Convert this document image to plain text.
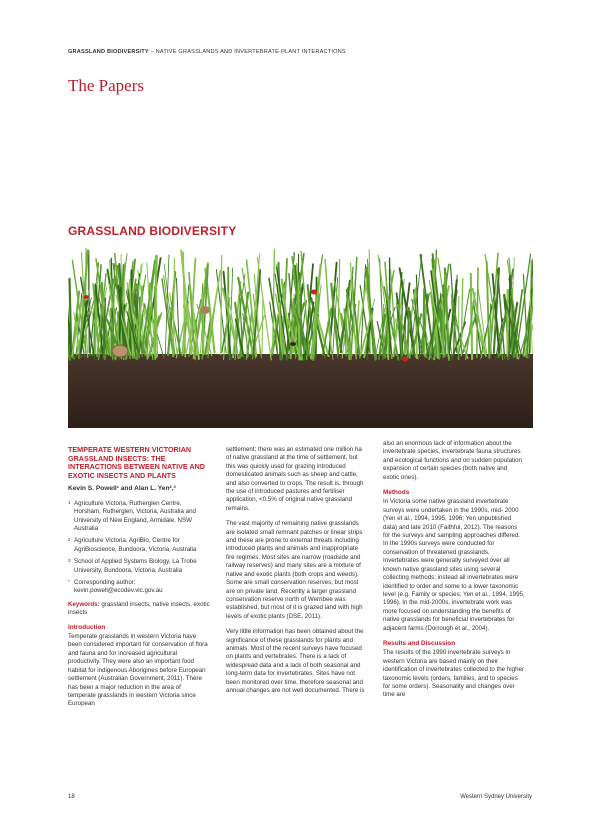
GRASSLAND BIODIVERSITY – NATIVE GRASSLANDS AND INVERTEBRATE-PLANT INTERACTIONS
The Papers
GRASSLAND BIODIVERSITY
TEMPERATE WESTERN VICTORIAN GRASSLAND INSECTS: THE INTERACTIONS BETWEEN NATIVE AND EXOTIC INSECTS AND PLANTS
Kevin S. Powell¹ and Alan L. Yen²,³
1 Agriculture Victoria, Rutherglen Centre, Horsham, Rutherglen, Victoria, Australia and University of New England, Armidale, NSW Australia
2 Agriculture Victoria, AgriBio, Centre for AgriBioscience, Bundoora, Victoria, Australia
3 School of Applied Systems Biology, La Trobe University, Bundoora, Victoria, Australia
* Corresponding author:
kevin.powell@ecodev.vic.gov.au
Keywords: grassland insects, native insects, exotic insects
Introduction
Temperate grasslands in western Victoria have been considered important for conservation of flora and fauna and for increased agricultural productivity. They were also an important food habitat for indigenous Aborigines before European settlement (Australian Government, 2011). There has been a major reduction in the area of temperate grasslands in western Victoria since European
settlement; there was an estimated one million ha of native grassland at the time of settlement, but this was quickly used for grazing introduced domesticated animals such as sheep and cattle, and also converted to crops. The result is, through the use of introduced pastures and fertiliser application, <0.5% of original native grassland remains.
The vast majority of remaining native grasslands are isolated small remnant patches or linear strips and these are prone to external threats including introduced plants and animals and inappropriate fire regimes. Most sites are narrow (roadside and railway reserves) and many sites are a mixture of native and exotic plants (both crops and weeds). Some are small conservation reserves, but most are on private land. Recently a larger grassland conservation reserve north of Werribee was established, but most of it is grazed land with high levels of exotic plants (DSE, 2011).
Very little information has been obtained about the significance of these grasslands for plants and animals. Most of the recent surveys have focused on plants and vertebrates. There is a lack of widespread data and a lack of both seasonal and long-term data for invertebrates. Sites have not been monitored over time, therefore seasonal and annual changes are not well documented. There is
also an enormous lack of information about the invertebrate species, invertebrate fauna structures and ecological functions and on sudden population expansion of certain species (both native and exotic ones).
Methods
In Victoria some native grassland invertebrate surveys were undertaken in the 1990s, mid- 2000 (Yen et al., 1994, 1995, 1996; Yen unpublished data) and late 2010 (Faithful, 2012). The reasons for the surveys and sampling approaches differed. In the 1990s surveys were conducted for conservation of threatened grasslands. Invertebrates were generally surveyed over all known native grassland sites using several collecting methods; instead all invertebrates were identified to order and some to a lower taxonomic level (e.g. Family or species; Yen et al., 1994, 1995, 1996). In the mid-2000s, invertebrate work was more focused on understanding the benefits of native grasslands for beneficial invertebrates for adjacent farms (Dorrough et al., 2004).
Results and Discussion
The results of the 1990 invertebrate surveys in western Victoria are based mainly on their identification of invertebrates collected to the higher taxonomic levels (orders, families, and to species for some orders). Seasonality and changes over time are
18	Western Sydney University
